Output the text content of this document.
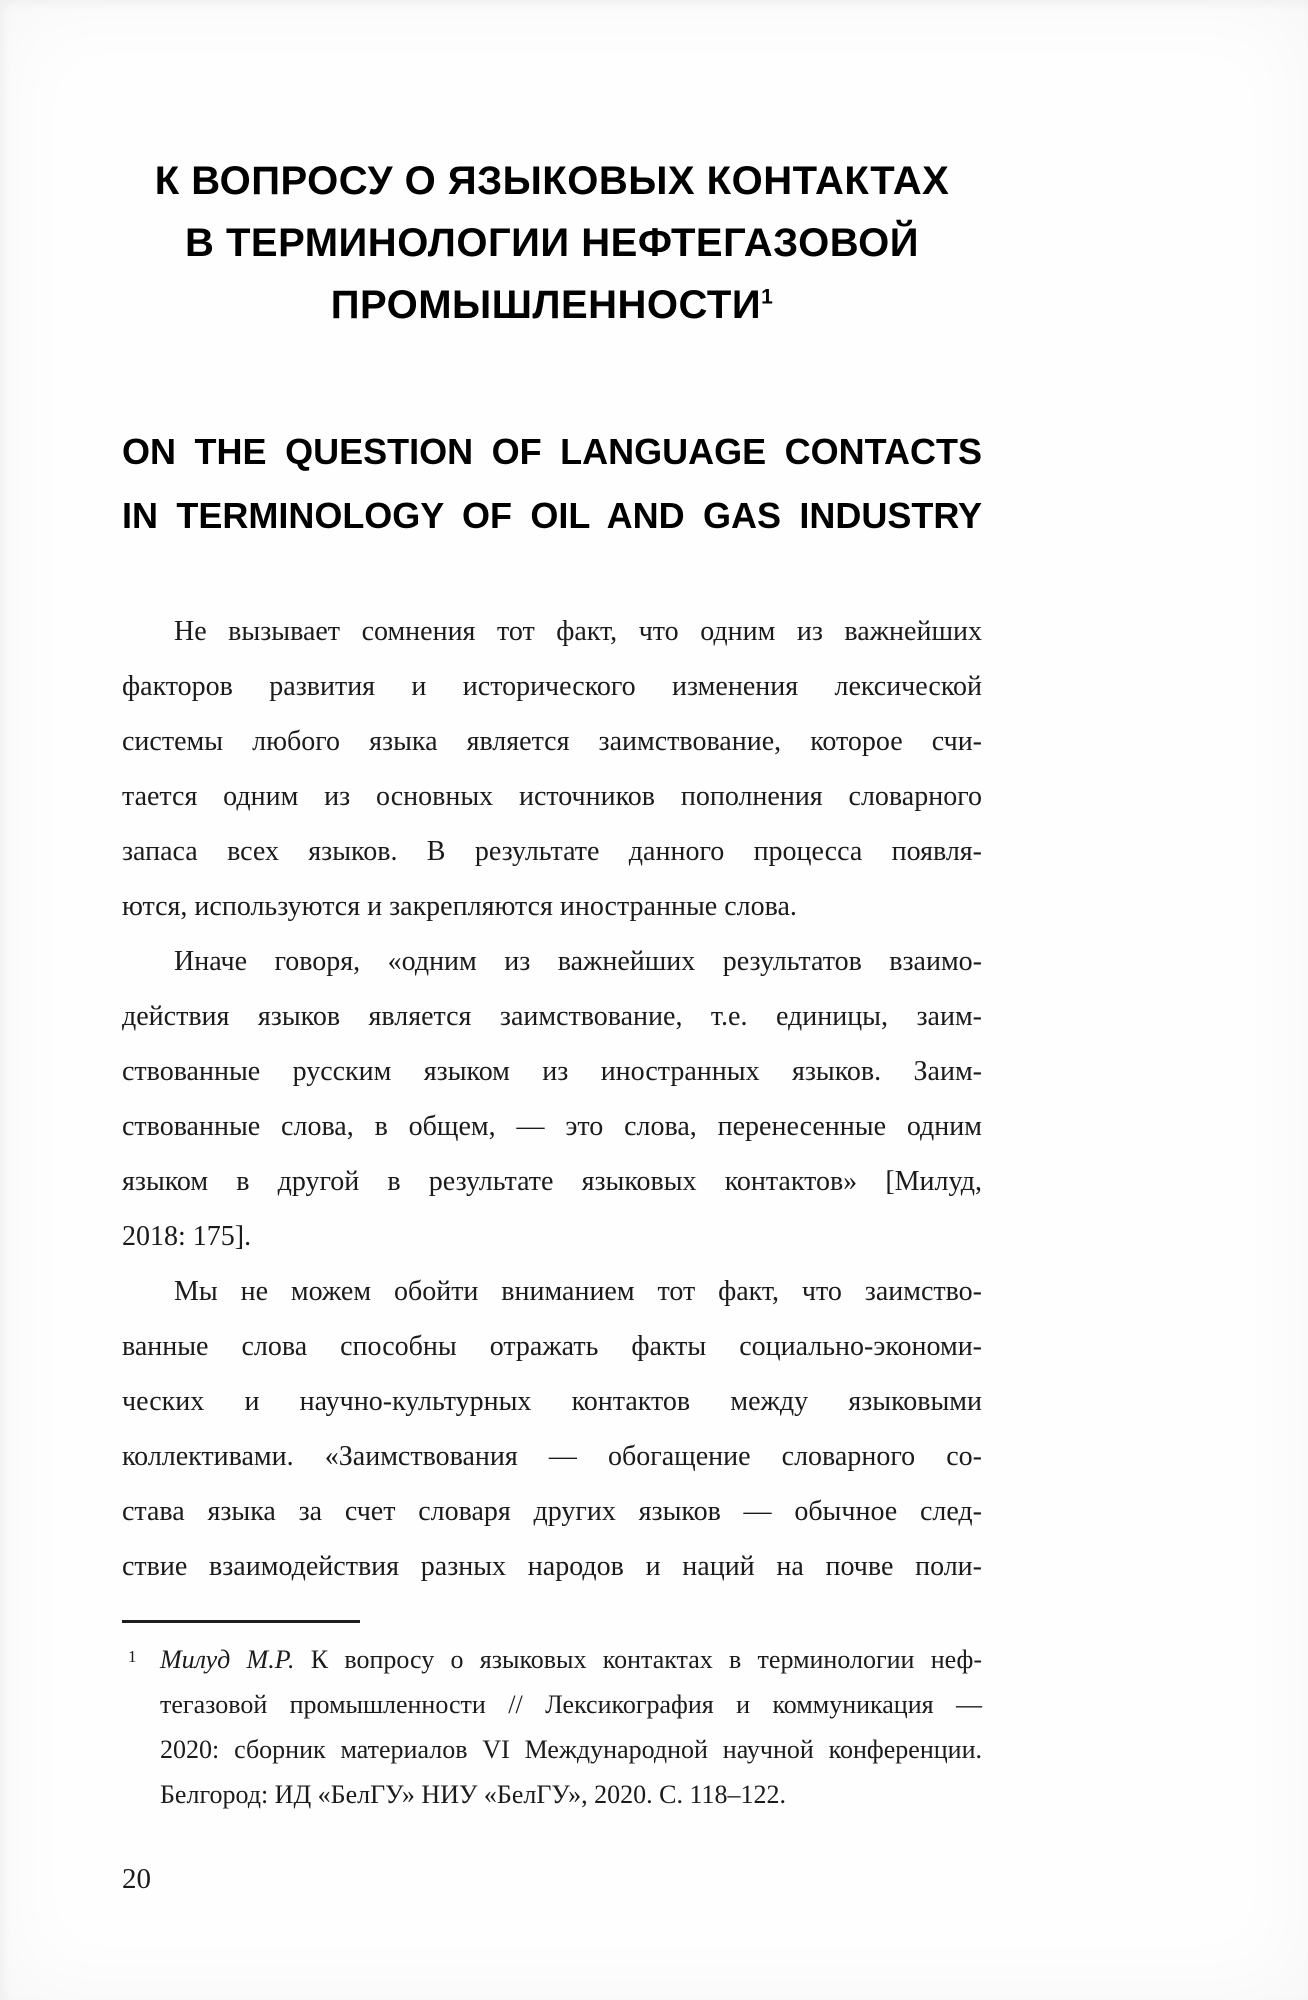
К ВОПРОСУ О ЯЗЫКОВЫХ КОНТАКТАХ
В ТЕРМИНОЛОГИИ НЕФТЕГАЗОВОЙ
ПРОМЫШЛЕННОСТИ$^1$
ON THE QUESTION OF LANGUAGE CONTACTS
IN TERMINOLOGY OF OIL AND GAS INDUSTRY
Не вызывает сомнения тот факт, что одним из важнейших
факторов развития и исторического изменения лексической
системы любого языка является заимствование, которое счи-
тается одним из основных источников пополнения словарного
запаса всех языков. В результате данного процесса появля-
ются, используются и закрепляются иностранные слова.
Иначе говоря, «одним из важнейших результатов взаимо-
действия языков является заимствование, т.е. единицы, заим-
ствованные русским языком из иностранных языков. Заим-
ствованные слова, в общем, — это слова, перенесенные одним
языком в другой в результате языковых контактов» [Милуд,
2018: 175].
Мы не можем обойти вниманием тот факт, что заимство-
ванные слова способны отражать факты социально-экономи-
ческих и научно-культурных контактов между языковыми
коллективами. «Заимствования — обогащение словарного со-
става языка за счет словаря других языков — обычное след-
ствие взаимодействия разных народов и наций на почве поли-
1 Милуд М.Р. К вопросу о языковых контактах в терминологии неф-
тегазовой промышленности // Лексикография и коммуникация —
2020: сборник материалов VI Международной научной конференции.
Белгород: ИД «БелГУ» НИУ «БелГУ», 2020. С. 118–122.
20
